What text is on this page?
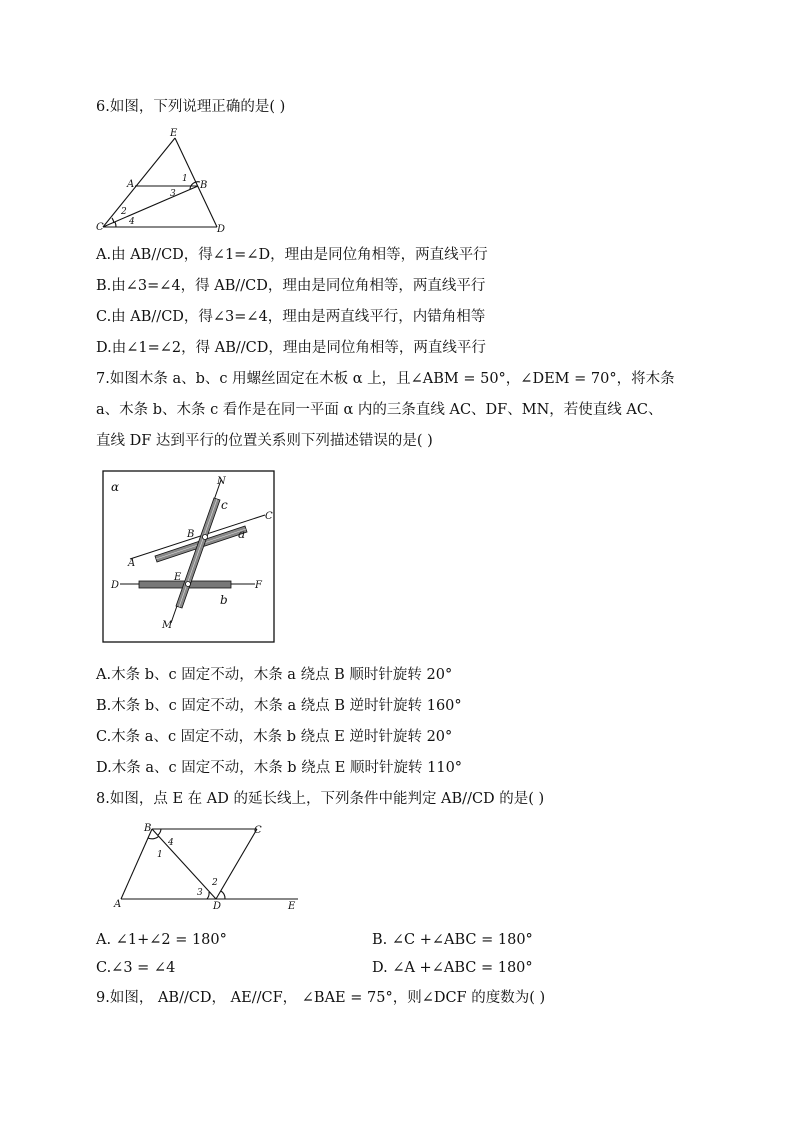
6.如图，下列说理正确的是( )
E
A	B
C	D
1
2
3
4
A.由 AB//CD，得∠1=∠D，理由是同位角相等，两直线平行
B.由∠3=∠4，得 AB//CD，理由是同位角相等，两直线平行
C.由 AB//CD，得∠3=∠4，理由是两直线平行，内错角相等
D.由∠1=∠2，得 AB//CD，理由是同位角相等，两直线平行
7.如图木条 a、b、c 用螺丝固定在木板 α 上，且∠ABM = 50°，∠DEM = 70°，将木条
a、木条 b、木条 c 看作是在同一平面 α 内的三条直线 AC、DF、MN，若使直线 AC、
直线 DF 达到平行的位置关系则下列描述错误的是( )
α	N
c
C
B	a
A
E
D	F
b
M
A.木条 b、c 固定不动，木条 a 绕点 B 顺时针旋转 20°
B.木条 b、c 固定不动，木条 a 绕点 B 逆时针旋转 160°
C.木条 a、c 固定不动，木条 b 绕点 E 逆时针旋转 20°
D.木条 a、c 固定不动，木条 b 绕点 E 顺时针旋转 110°
8.如图，点 E 在 AD 的延长线上，下列条件中能判定 AB//CD 的是( )
B	C
A	D	E
1
2
3
4
A. ∠1+∠2 = 180°	B. ∠C +∠ABC = 180°
C.∠3 = ∠4	D. ∠A +∠ABC = 180°
9.如图， AB//CD， AE//CF， ∠BAE = 75°，则∠DCF 的度数为( )
